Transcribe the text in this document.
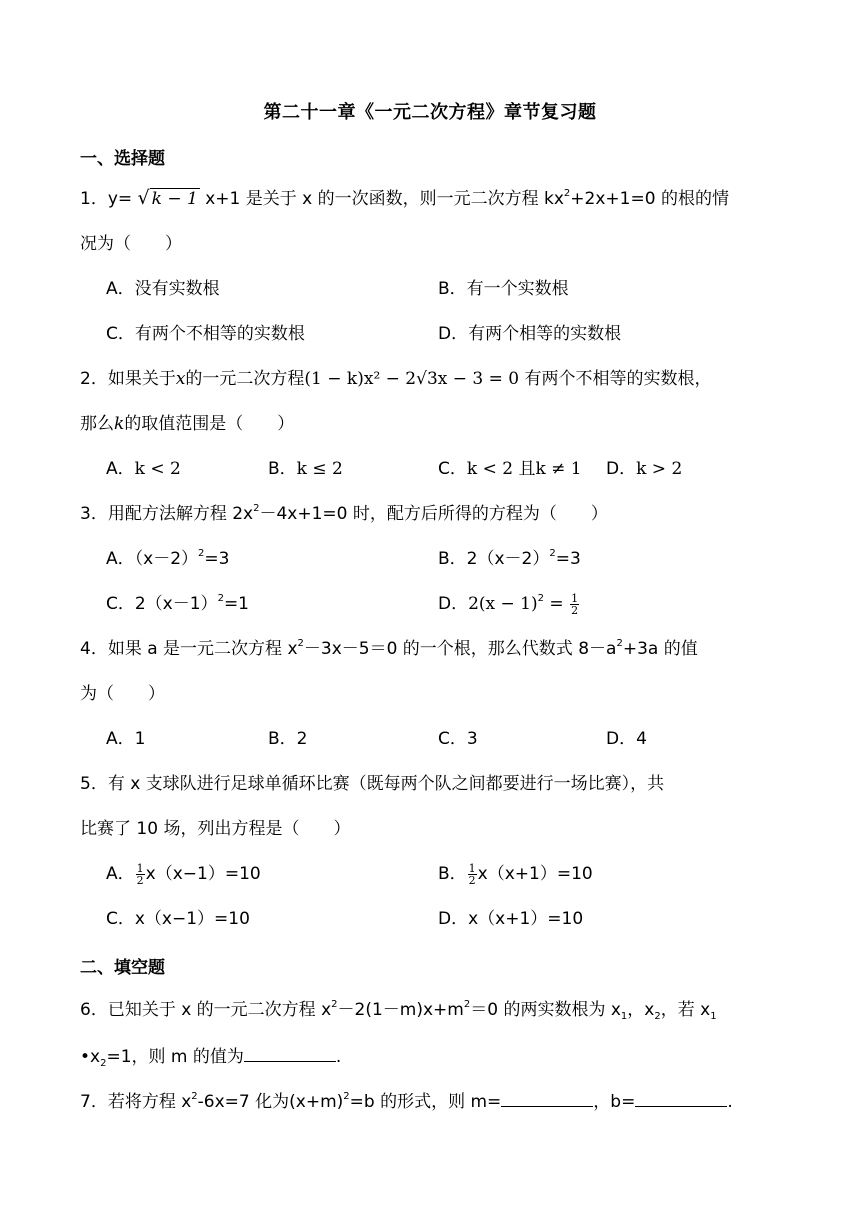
第二十一章《一元二次方程》章节复习题
一、选择题
1．y= √ k − 1 x+1 是关于 x 的一次函数，则一元二次方程 $kx^2+2x+1=0$ 的根的情
况为（　　）
A．没有实数根	B．有一个实数根
C．有两个不相等的实数根	D．有两个相等的实数根
2．如果关于x的一元二次方程(1 − k)x² − 2√3x − 3 = 0 有两个不相等的实数根，
那么k的取值范围是（　　）
A．k < 2	B．k ≤ 2	C．k < 2 且k ≠ 1 D．k > 2
3．用配方法解方程 $2x^2-4x+1=0$ 时，配方后所得的方程为（　　）
A．$(x-2)^2=3$	B．$2(x-2)^2=3$
C．$2(x-1)^2=1$	D．$2(x - 1)^2 = \frac{1}{2}$
4．如果 a 是一元二次方程 $x^2-3x-5=0$ 的一个根，那么代数式 $8-a^2+3a$ 的值
为（　　）
A．1	B．2	C．3	D．4
5．有 x 支球队进行足球单循环比赛（既每两个队之间都要进行一场比赛），共
比赛了 10 场，列出方程是（　　）
A． $\frac{1}{2} x(x-1)=10$	B． $\frac{1}{2} x(x+1)=10$
C．x（x−1）=10	D．x（x+1）=10
二、填空题
6．已知关于 x 的一元二次方程 $x^2-2(1-m)x+m^2=0$ 的两实数根为 $x_1$，$x_2$，若 $x_1$
$•x_2=1$，则 m 的值为	.
7．若将方程 $x^2-6x=7$ 化为$(x+m)^2=b$ 的形式，则 m=	，b=	.
